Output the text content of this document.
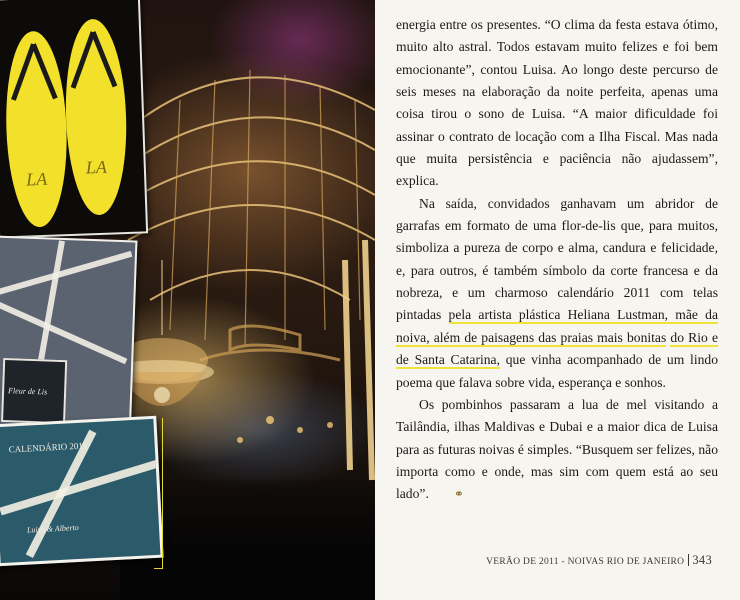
LA
LA
Fleur de Lis
CALENDÁRIO 2011
Luisa & Alberto

energia entre os presentes. “O clima da festa estava ótimo, muito alto astral. Todos estavam muito felizes e foi bem emocionante”, contou Luisa. Ao longo deste percurso de seis meses na elaboração da noite perfeita, apenas uma coisa tirou o sono de Luisa. “A maior dificuldade foi assinar o contrato de locação com a Ilha Fiscal. Mas nada que muita persistência e paciência não ajudassem”, explica.

Na saída, convidados ganhavam um abridor de garrafas em formato de uma flor-de-lis que, para muitos, simboliza a pureza de corpo e alma, candura e felicidade, e, para outros, é também símbolo da corte francesa e da nobreza, e um charmoso calendário 2011 com telas pintadas pela artista plástica Heliana Lustman, mãe da noiva, além de paisagens das praias mais bonitas do Rio e de Santa Catarina, que vinha acompanhado de um lindo poema que falava sobre vida, esperança e sonhos.

Os pombinhos passaram a lua de mel visitando a Tailândia, ilhas Maldivas e Dubai e a maior dica de Luisa para as futuras noivas é simples. “Busquem ser felizes, não importa como e onde, mas sim com quem está ao seu lado”. ⚭

VERÃO DE 2011 - NOIVAS RIO DE JANEIRO 343
